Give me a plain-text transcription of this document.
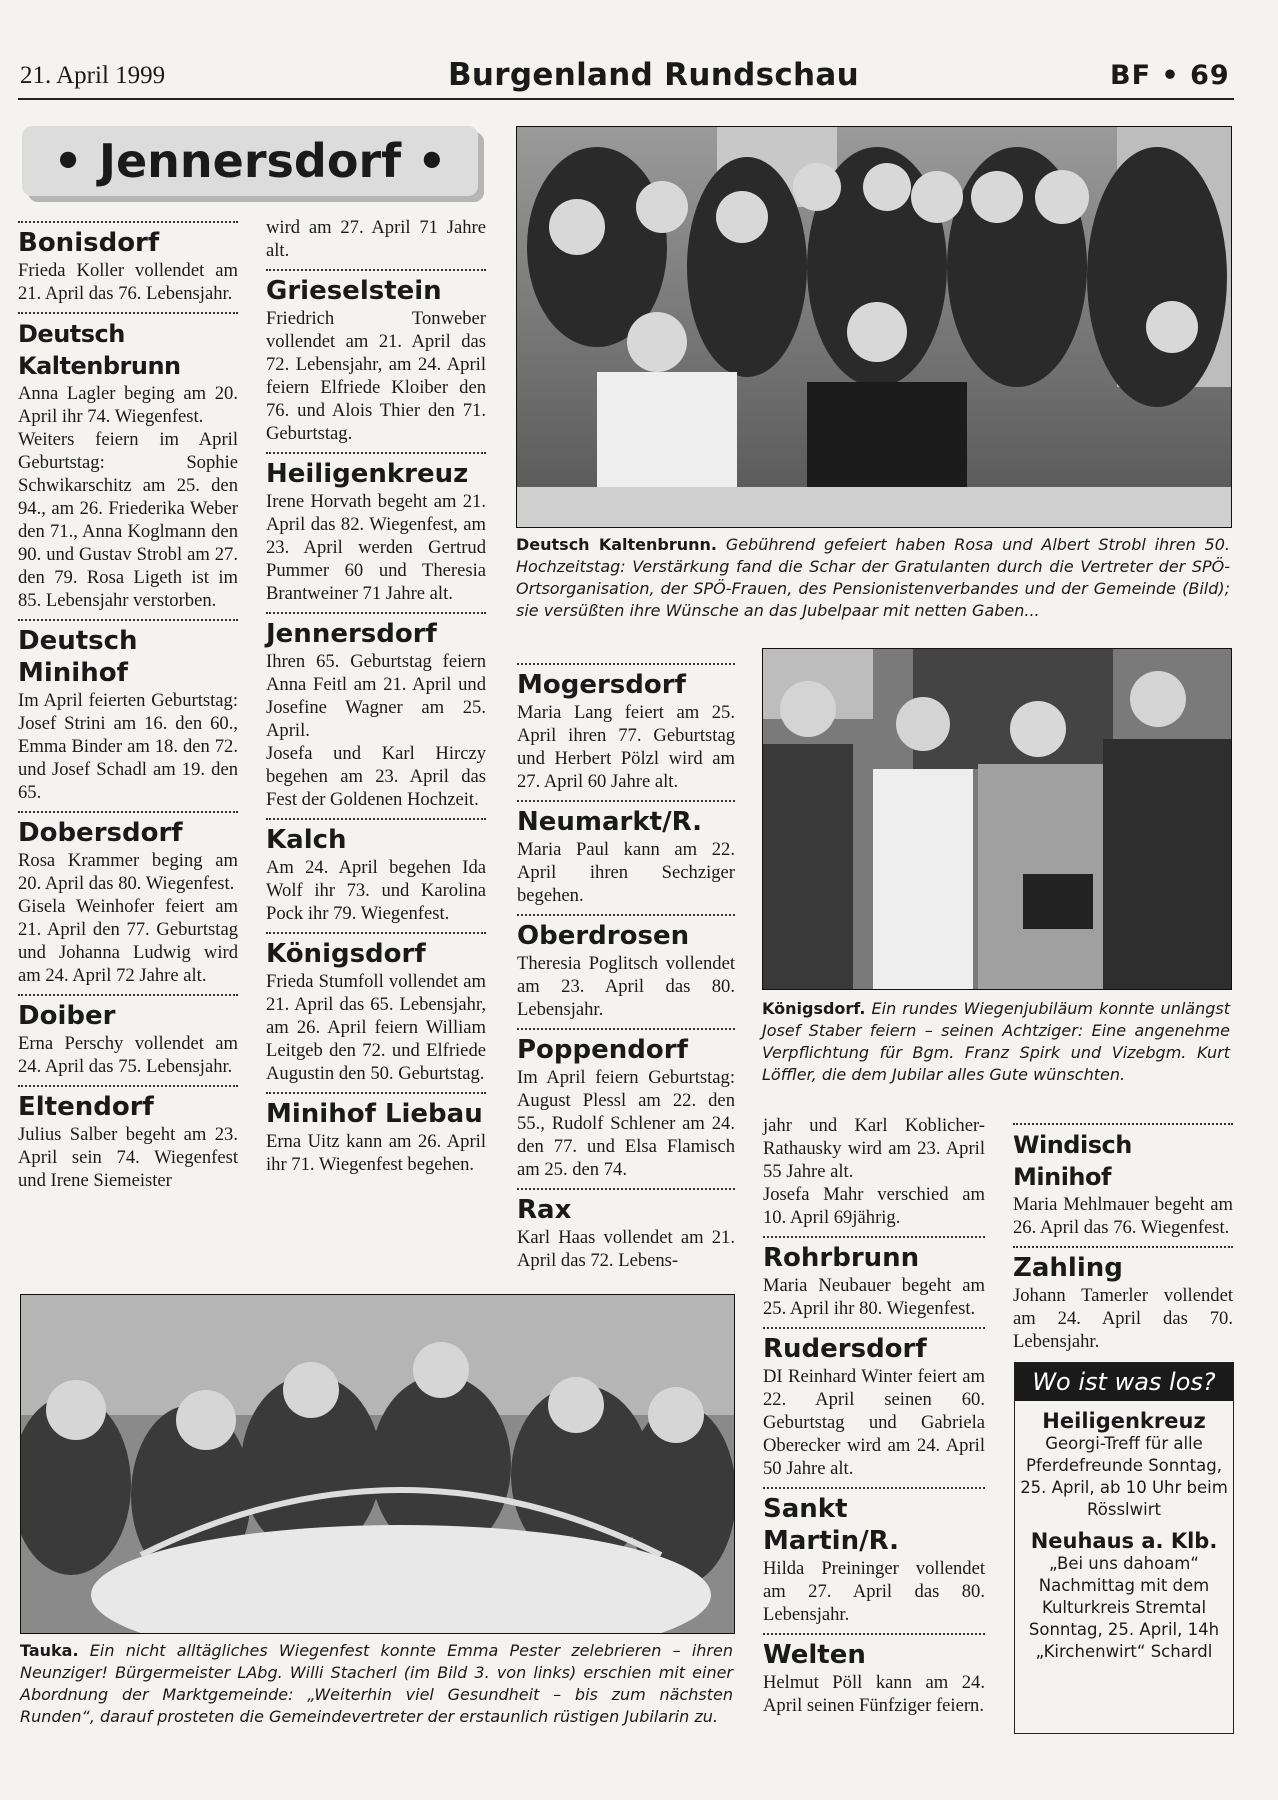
21. April 1999	Burgenland Rundschau	BF • 69
• Jennersdorf •

Bonisdorf

Frieda Koller vollendet am 21. April das 76. Lebensjahr.

Deutsch Kaltenbrunn

Anna Lagler beging am 20. April ihr 74. Wiegenfest.

Weiters feiern im April Geburtstag: Sophie Schwikarschitz am 25. den 94., am 26. Friederika Weber den 71., Anna Koglmann den 90. und Gustav Strobl am 27. den 79. Rosa Ligeth ist im 85. Lebensjahr verstorben.

Deutsch Minihof

Im April feierten Geburtstag: Josef Strini am 16. den 60., Emma Binder am 18. den 72. und Josef Schadl am 19. den 65.

Dobersdorf

Rosa Krammer beging am 20. April das 80. Wiegenfest.

Gisela Weinhofer feiert am 21. April den 77. Geburtstag und Johanna Ludwig wird am 24. April 72 Jahre alt.

Doiber

Erna Perschy vollendet am 24. April das 75. Lebensjahr.

Eltendorf

Julius Salber begeht am 23. April sein 74. Wiegenfest und Irene Siemeister

wird am 27. April 71 Jahre alt.

Grieselstein

Friedrich Tonweber vollendet am 21. April das 72. Lebensjahr, am 24. April feiern Elfriede Kloiber den 76. und Alois Thier den 71. Geburtstag.

Heiligenkreuz

Irene Horvath begeht am 21. April das 82. Wiegenfest, am 23. April werden Gertrud Pummer 60 und Theresia Brantweiner 71 Jahre alt.

Jennersdorf

Ihren 65. Geburtstag feiern Anna Feitl am 21. April und Josefine Wagner am 25. April.

Josefa und Karl Hirczy begehen am 23. April das Fest der Goldenen Hochzeit.

Kalch

Am 24. April begehen Ida Wolf ihr 73. und Karolina Pock ihr 79. Wiegenfest.

Königsdorf

Frieda Stumfoll vollendet am 21. April das 65. Lebensjahr, am 26. April feiern William Leitgeb den 72. und Elfriede Augustin den 50. Geburtstag.

Minihof Liebau

Erna Uitz kann am 26. April ihr 71. Wiegenfest begehen.

Deutsch Kaltenbrunn. Gebührend gefeiert haben Rosa und Albert Strobl ihren 50. Hochzeitstag: Verstärkung fand die Schar der Gratulanten durch die Vertreter der SPÖ-Ortsorganisation, der SPÖ-Frauen, des Pensionistenverbandes und der Gemeinde (Bild); sie versüßten ihre Wünsche an das Jubelpaar mit netten Gaben...

Mogersdorf

Maria Lang feiert am 25. April ihren 77. Geburtstag und Herbert Pölzl wird am 27. April 60 Jahre alt.

Neumarkt/R.

Maria Paul kann am 22. April ihren Sechziger begehen.

Oberdrosen

Theresia Poglitsch vollendet am 23. April das 80. Lebensjahr.

Poppendorf

Im April feiern Geburtstag: August Plessl am 22. den 55., Rudolf Schlener am 24. den 77. und Elsa Flamisch am 25. den 74.

Rax

Karl Haas vollendet am 21. April das 72. Lebens-

Königsdorf. Ein rundes Wiegenjubiläum konnte unlängst Josef Staber feiern – seinen Achtziger: Eine angenehme Verpflichtung für Bgm. Franz Spirk und Vizebgm. Kurt Löffler, die dem Jubilar alles Gute wünschten.

jahr und Karl Koblicher-Rathausky wird am 23. April 55 Jahre alt.

Josefa Mahr verschied am 10. April 69jährig.

Rohrbrunn

Maria Neubauer begeht am 25. April ihr 80. Wiegenfest.

Rudersdorf

DI Reinhard Winter feiert am 22. April seinen 60. Geburtstag und Gabriela Oberecker wird am 24. April 50 Jahre alt.

Sankt Martin/R.

Hilda Preininger vollendet am 27. April das 80. Lebensjahr.

Welten

Helmut Pöll kann am 24. April seinen Fünfziger feiern.

Windisch Minihof

Maria Mehlmauer begeht am 26. April das 76. Wiegenfest.

Zahling

Johann Tamerler vollendet am 24. April das 70. Lebensjahr.

Wo ist was los?
Heiligenkreuz
Georgi-Treff für alle Pferdefreunde Sonntag, 25. April, ab 10 Uhr beim Rösslwirt
Neuhaus a. Klb.
„Bei uns dahoam“ Nachmittag mit dem Kulturkreis Stremtal Sonntag, 25. April, 14h „Kirchenwirt“ Schardl
Tauka. Ein nicht alltägliches Wiegenfest konnte Emma Pester zelebrieren – ihren Neunziger! Bürgermeister LAbg. Willi Stacherl (im Bild 3. von links) erschien mit einer Abordnung der Marktgemeinde: „Weiterhin viel Gesundheit – bis zum nächsten Runden“, darauf prosteten die Gemeindevertreter der erstaunlich rüstigen Jubilarin zu.
